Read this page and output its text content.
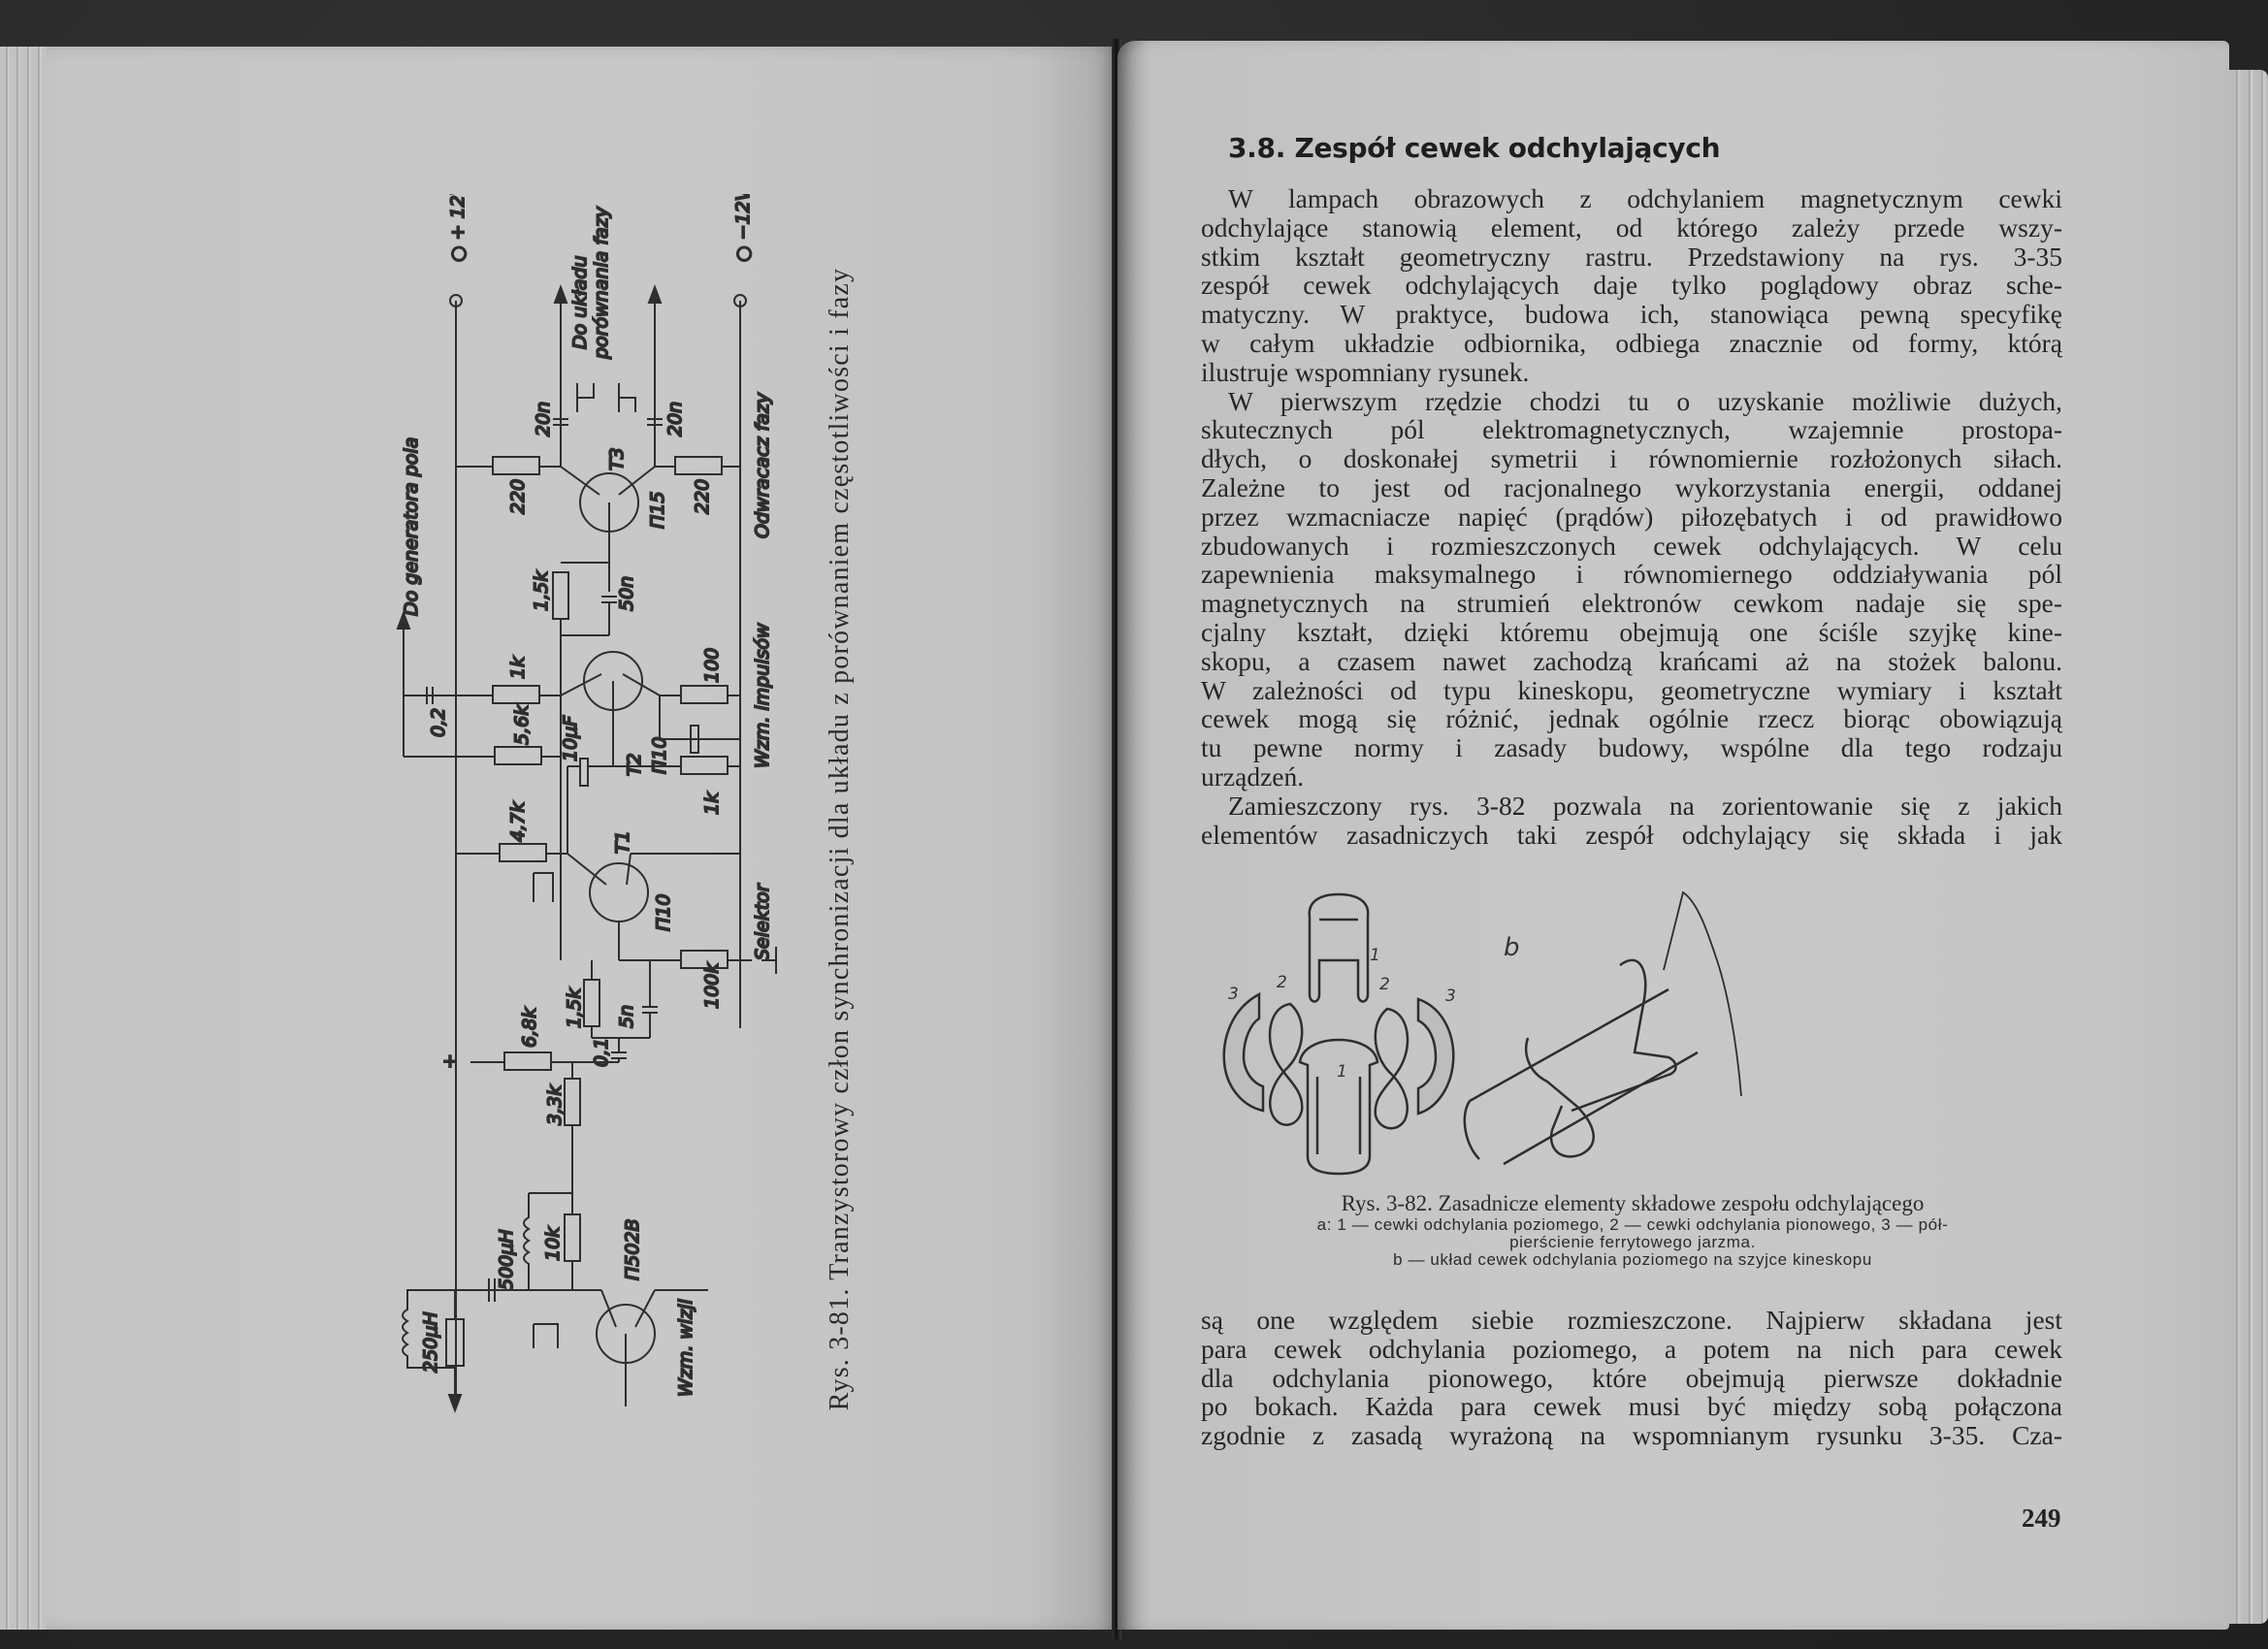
○ + 12V	○ −12V
Do układu porównania fazy
Do generatora pola	Odwracacz fazy
Wzm. impulsów
Selektor
Wzm. wizji
+
220	220
20n	20n
T3
П15
1,5k	50n
0,2
1k
5,6k
100
T2 П10
10μF
1k
4,7k
T1
П10
100k
1,5k 5n
6,8k
0,1
3,3k
500μH 10k	П502B
250μH	Rys. 3-81. Tranzystorowy człon synchronizacji dla układu z porównaniem częstotliwości i fazy
3.8. Zespół cewek odchylających
W lampach obrazowych z odchylaniem magnetycznym cewki
odchylające stanowią element, od którego zależy przede wszy-
stkim kształt geometryczny rastru. Przedstawiony na rys. 3-35
zespół cewek odchylających daje tylko poglądowy obraz sche-
matyczny. W praktyce, budowa ich, stanowiąca pewną specyfikę
w całym układzie odbiornika, odbiega znacznie od formy, którą
ilustruje wspomniany rysunek.
W pierwszym rzędzie chodzi tu o uzyskanie możliwie dużych,
skutecznych pól elektromagnetycznych, wzajemnie prostopa-
dłych, o doskonałej symetrii i równomiernie rozłożonych siłach.
Zależne to jest od racjonalnego wykorzystania energii, oddanej
przez wzmacniacze napięć (prądów) piłozębatych i od prawidłowo
zbudowanych i rozmieszczonych cewek odchylających. W celu
zapewnienia maksymalnego i równomiernego oddziaływania pól
magnetycznych na strumień elektronów cewkom nadaje się spe-
cjalny kształt, dzięki któremu obejmują one ściśle szyjkę kine-
skopu, a czasem nawet zachodzą krańcami aż na stożek balonu.
W zależności od typu kineskopu, geometryczne wymiary i kształt
cewek mogą się różnić, jednak ogólnie rzecz biorąc obowiązują
tu pewne normy i zasady budowy, wspólne dla tego rodzaju
urządzeń.
Zamieszczony rys. 3-82 pozwala na zorientowanie się z jakich
elementów zasadniczych taki zespół odchylający się składa i jak
b
1
1
2	2
3	3
Rys. 3-82. Zasadnicze elementy składowe zespołu odchylającego
a: 1 — cewki odchylania poziomego, 2 — cewki odchylania pionowego, 3 — pół-
pierścienie ferrytowego jarzma.
b — układ cewek odchylania poziomego na szyjce kineskopu
są one względem siebie rozmieszczone. Najpierw składana jest
para cewek odchylania poziomego, a potem na nich para cewek
dla odchylania pionowego, które obejmują pierwsze dokładnie
po bokach. Każda para cewek musi być między sobą połączona
zgodnie z zasadą wyrażoną na wspomnianym rysunku 3-35. Cza-
249
